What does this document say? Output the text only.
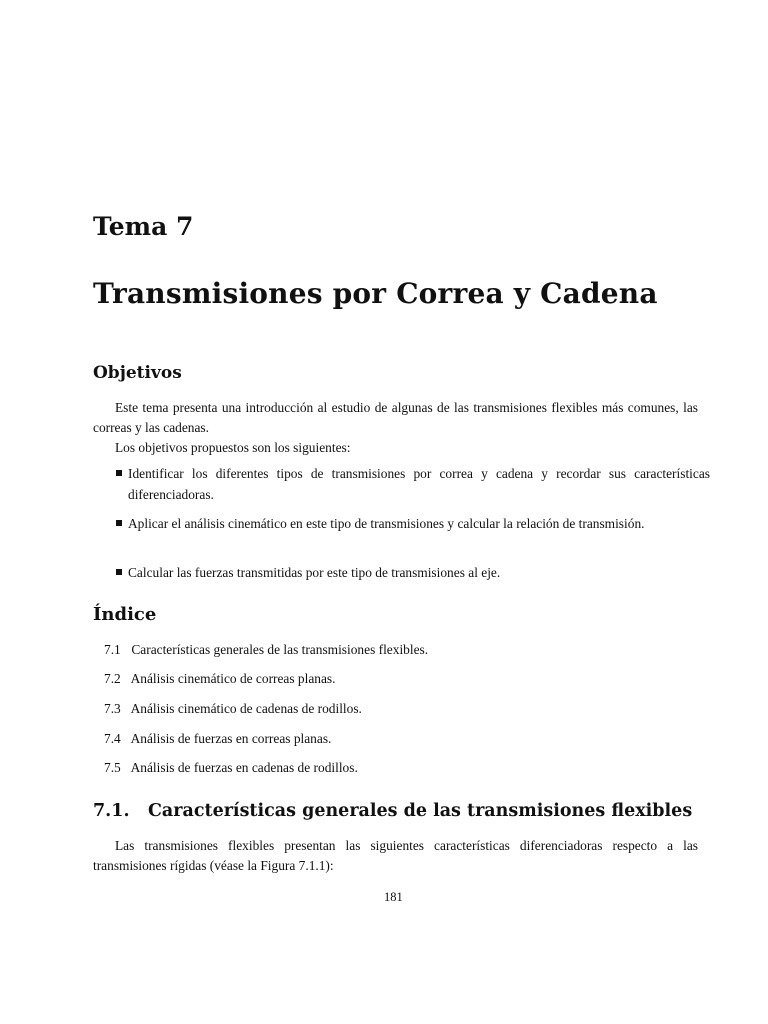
Tema 7
Transmisiones por Correa y Cadena
Objetivos

Este tema presenta una introducción al estudio de algunas de las transmisiones flexibles más comunes, las correas y las cadenas.

Los objetivos propuestos son los siguientes:

Identificar los diferentes tipos de transmisiones por correa y cadena y recordar sus características diferenciadoras.
Aplicar el análisis cinemático en este tipo de transmisiones y calcular la relación de transmisión.
Calcular las fuerzas transmitidas por este tipo de transmisiones al eje.
Índice
7.1 Características generales de las transmisiones flexibles.
7.2 Análisis cinemático de correas planas.
7.3 Análisis cinemático de cadenas de rodillos.
7.4 Análisis de fuerzas en correas planas.
7.5 Análisis de fuerzas en cadenas de rodillos.
7.1. Características generales de las transmisiones flexibles

Las transmisiones flexibles presentan las siguientes características diferenciadoras respecto a las transmisiones rígidas (véase la Figura 7.1.1):

181
